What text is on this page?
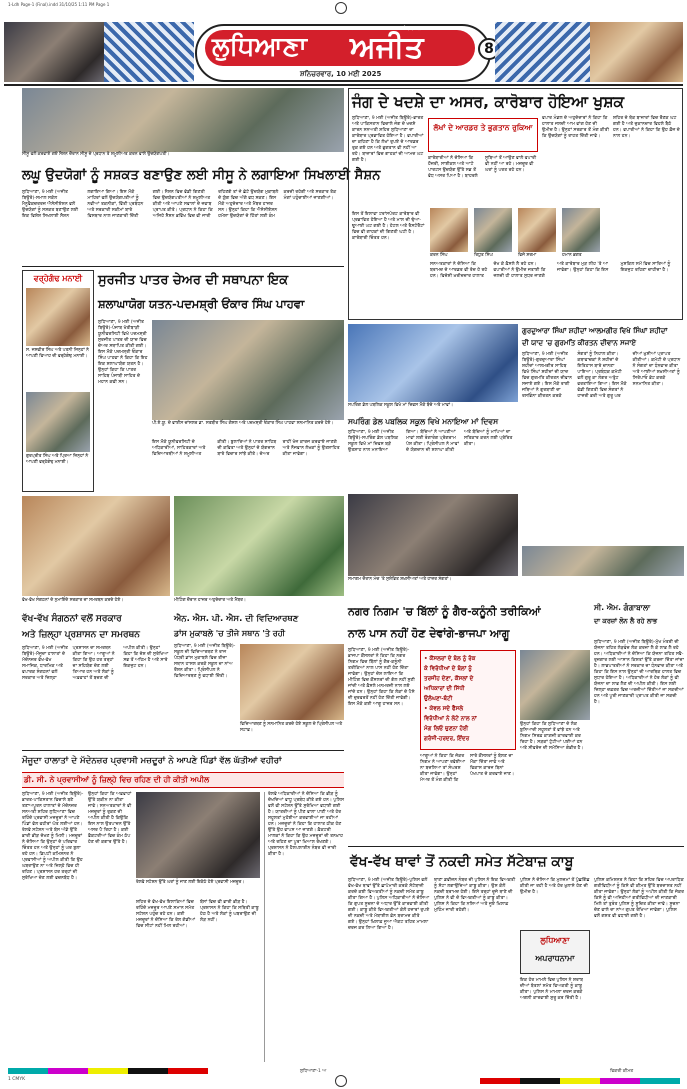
1-Ldh Page-1 (Final).indd 31/10/25 1:11 PM Page 1
ਲੁਧਿਆਣਾ ਅਜੀਤ
ਜਲੰਧਰ, ਸ਼ਨਿਚਰਵਾਰ
ਸ਼ਨਿਚਰਵਾਰ, 10 ਮਈ 2025
8
ਸੀਸੂ ਵਲੋਂ ਕਰਵਾਏ ਗਏ ਸੈਸ਼ਨ ਦੌਰਾਨ ਸੀਸੂ ਦੇ ਪ੍ਰਧਾਨ ਤੇ ਸ਼ਮੂਲੀਅਤ ਕਰਨ ਵਾਲੇ ਉਦਯੋਗਪਤੀ।
ਲਘੂ ਉਦਯੋਗਾਂ ਨੂੰ ਸਸ਼ਕਤ ਬਣਾਉਣ ਲਈ ਸੀਸੂ ਨੇ ਲਗਾਇਆ ਸਿਖਲਾਈ ਸੈਸ਼ਨ
ਲੁਧਿਆਣਾ, 9 ਮਈ (ਅਜੀਤ ਬਿਊਰੋ)-ਸਮਾਲ ਸਕੇਲ ਮੈਨੂਫੈਕਚਰਰਜ਼ ਐਸੋਸੀਏਸ਼ਨ ਵਲੋਂ ਉਦਯੋਗਾਂ ਨੂੰ ਸਸ਼ਕਤ ਬਣਾਉਣ ਲਈ ਇਕ ਵਿਸ਼ੇਸ਼ ਸਿਖਲਾਈ ਸੈਸ਼ਨ ਲਗਾਇਆ ਗਿਆ। ਇਸ ਮੌਕੇ ਮਾਹਿਰਾਂ ਵਲੋਂ ਉਦਯੋਗਪਤੀਆਂ ਨੂੰ ਨਵੀਆਂ ਤਕਨੀਕਾਂ, ਵਿੱਤੀ ਪ੍ਰਬੰਧਨ ਅਤੇ ਸਰਕਾਰੀ ਸਕੀਮਾਂ ਬਾਰੇ ਵਿਸਥਾਰ ਨਾਲ ਜਾਣਕਾਰੀ ਦਿੱਤੀ ਗਈ। ਸੈਸ਼ਨ ਵਿਚ ਵੱਡੀ ਗਿਣਤੀ ਵਿਚ ਉਦਯੋਗਪਤੀਆਂ ਨੇ ਸ਼ਮੂਲੀਅਤ ਕੀਤੀ ਅਤੇ ਆਪਣੇ ਸਵਾਲਾਂ ਦੇ ਜਵਾਬ ਪ੍ਰਾਪਤ ਕੀਤੇ। ਪ੍ਰਧਾਨ ਨੇ ਕਿਹਾ ਕਿ ਅਜਿਹੇ ਸੈਸ਼ਨ ਭਵਿੱਖ ਵਿਚ ਵੀ ਜਾਰੀ ਰਹਿਣਗੇ ਤਾਂ ਜੋ ਛੋਟੇ ਉਦਯੋਗ ਮੁਕਾਬਲੇ ਦੇ ਯੁੱਗ ਵਿਚ ਅੱਗੇ ਵਧ ਸਕਣ। ਇਸ ਮੌਕੇ ਅਹੁਦੇਦਾਰ ਅਤੇ ਮੈਂਬਰ ਹਾਜ਼ਰ ਸਨ। ਉਨ੍ਹਾਂ ਕਿਹਾ ਕਿ ਐਸੋਸੀਏਸ਼ਨ ਹਮੇਸ਼ਾ ਉਦਯੋਗਾਂ ਦੇ ਹਿੱਤਾਂ ਲਈ ਕੰਮ ਕਰਦੀ ਰਹੇਗੀ ਅਤੇ ਸਰਕਾਰ ਤੱਕ ਮੰਗਾਂ ਪਹੁੰਚਾਈਆਂ ਜਾਣਗੀਆਂ।
ਜੰਗ ਦੇ ਖਦਸ਼ੇ ਦਾ ਅਸਰ, ਕਾਰੋਬਾਰ ਹੋਇਆ ਖੁਸ਼ਕ
ਲੁਧਿਆਣਾ, 9 ਮਈ (ਅਜੀਤ ਬਿਊਰੋ)-ਭਾਰਤ ਅਤੇ ਪਾਕਿਸਤਾਨ ਵਿਚਾਲੇ ਜੰਗ ਦੇ ਖਦਸ਼ੇ ਕਾਰਨ ਸਨਅਤੀ ਸ਼ਹਿਰ ਲੁਧਿਆਣਾ ਦਾ ਕਾਰੋਬਾਰ ਪ੍ਰਭਾਵਿਤ ਹੋਇਆ ਹੈ। ਵਪਾਰੀਆਂ ਦਾ ਕਹਿਣਾ ਹੈ ਕਿ ਲੱਖਾਂ ਰੁਪਏ ਦੇ ਆਰਡਰ ਰੁਕ ਗਏ ਹਨ ਅਤੇ ਭੁਗਤਾਨ ਵੀ ਨਹੀਂ ਆ ਰਹੇ। ਬਾਜ਼ਾਰਾਂ ਵਿਚ ਗਾਹਕਾਂ ਦੀ ਆਮਦ ਘਟ ਗਈ ਹੈ।
ਲੱਖਾਂ ਦੇ ਆਰਡਰ ਤੇ ਭੁਗਤਾਨ ਰੁਕਿਆ
ਕਾਰੋਬਾਰੀਆਂ ਨੇ ਦੱਸਿਆ ਕਿ ਹੌਜ਼ਰੀ, ਸਾਈਕਲ ਅਤੇ ਆਟੋ ਪਾਰਟਸ ਉਦਯੋਗ ਉੱਤੇ ਸਭ ਤੋਂ ਵੱਧ ਅਸਰ ਪਿਆ ਹੈ। ਬਾਹਰਲੇ ਸੂਬਿਆਂ ਤੋਂ ਆਉਣ ਵਾਲੇ ਵਪਾਰੀ ਵੀ ਨਹੀਂ ਆ ਰਹੇ। ਮਜ਼ਦੂਰ ਵੀ ਘਰਾਂ ਨੂੰ ਪਰਤ ਰਹੇ ਹਨ।
ਵਪਾਰ ਮੰਡਲ ਦੇ ਅਹੁਦੇਦਾਰਾਂ ਨੇ ਕਿਹਾ ਕਿ ਹਾਲਾਤ ਜਲਦੀ ਆਮ ਵਾਂਗ ਹੋਣ ਦੀ ਉਮੀਦ ਹੈ। ਉਨ੍ਹਾਂ ਸਰਕਾਰ ਤੋਂ ਮੰਗ ਕੀਤੀ ਕਿ ਉਦਯੋਗਾਂ ਨੂੰ ਰਾਹਤ ਦਿੱਤੀ ਜਾਵੇ। ਸ਼ਹਿਰ ਦੇ ਥੋਕ ਬਾਜ਼ਾਰਾਂ ਵਿਚ ਰੌਣਕ ਘਟ ਗਈ ਹੈ ਅਤੇ ਦੁਕਾਨਦਾਰ ਵਿਹਲੇ ਬੈਠੇ ਹਨ। ਵਪਾਰੀਆਂ ਨੇ ਕਿਹਾ ਕਿ ਉਹ ਫ਼ੌਜ ਦੇ ਨਾਲ ਹਨ।
ਕਰਨ ਸਿੰਘ	ਰਿਧੁਤ ਸਿੰਘ	ਵਿਜੇ ਸ਼ਰਮਾ	ਹਮਾਨ ਭਗਤ
ਇਸ ਤੋਂ ਇਲਾਵਾ ਟਰਾਂਸਪੋਰਟ ਕਾਰੋਬਾਰ ਵੀ ਪ੍ਰਭਾਵਿਤ ਹੋਇਆ ਹੈ ਅਤੇ ਮਾਲ ਦੀ ਢੋਆ-ਢੁਆਈ ਘਟ ਗਈ ਹੈ। ਹੋਟਲ ਅਤੇ ਰੈਸਟੋਰੈਂਟਾਂ ਵਿਚ ਵੀ ਗਾਹਕਾਂ ਦੀ ਗਿਣਤੀ ਘਟੀ ਹੈ। ਕਾਰੋਬਾਰੀ ਚਿੰਤਤ ਹਨ।
ਸਨਅਤਕਾਰਾਂ ਨੇ ਦੱਸਿਆ ਕਿ ਬਰਾਮਦ ਦੇ ਆਰਡਰ ਵੀ ਰੱਦ ਹੋ ਰਹੇ ਹਨ। ਵਿਦੇਸ਼ੀ ਖ਼ਰੀਦਦਾਰ ਹਾਲਾਤ ਦੇਖ ਕੇ ਫ਼ੈਸਲੇ ਲੈ ਰਹੇ ਹਨ। ਵਪਾਰੀਆਂ ਨੇ ਉਮੀਦ ਜਤਾਈ ਕਿ ਜਲਦੀ ਹੀ ਹਾਲਾਤ ਸੁਧਰ ਜਾਣਗੇ ਅਤੇ ਕਾਰੋਬਾਰ ਮੁੜ ਲੀਹ 'ਤੇ ਆ ਜਾਵੇਗਾ। ਉਨ੍ਹਾਂ ਕਿਹਾ ਕਿ ਇਸ ਮੁਸ਼ਕਿਲ ਸਮੇਂ ਵਿਚ ਸਾਰਿਆਂ ਨੂੰ ਇਕਜੁਟ ਰਹਿਣਾ ਚਾਹੀਦਾ ਹੈ।
ਵਰ੍ਹੇਗੰਢ ਮਨਾਈ
ਸ. ਜਸਵੀਰ ਸਿੰਘ ਅਤੇ ਪਤਨੀ ਜਿਨ੍ਹਾਂ ਨੇ ਆਪਣੀ ਵਿਆਹ ਦੀ ਵਰ੍ਹੇਗੰਢ ਮਨਾਈ।
ਗੁਰਪ੍ਰੀਤ ਸਿੰਘ ਅਤੇ ਪ੍ਰਿਆ ਜਿਨ੍ਹਾਂ ਨੇ ਆਪਣੀ ਵਰ੍ਹੇਗੰਢ ਮਨਾਈ।
ਸੁਰਜੀਤ ਪਾਤਰ ਚੇਅਰ ਦੀ ਸਥਾਪਨਾ ਇਕ
ਸ਼ਲਾਘਾਯੋਗ ਯਤਨ-ਪਦਮਸ਼੍ਰੀ ਓਂਕਾਰ ਸਿੰਘ ਪਾਹਵਾ
ਲੁਧਿਆਣਾ, 9 ਮਈ (ਅਜੀਤ ਬਿਊਰੋ)-ਪੰਜਾਬ ਖੇਤੀਬਾੜੀ ਯੂਨੀਵਰਸਿਟੀ ਵਿਖੇ ਪਦਮਸ਼੍ਰੀ ਸੁਰਜੀਤ ਪਾਤਰ ਦੀ ਯਾਦ ਵਿਚ ਚੇਅਰ ਸਥਾਪਿਤ ਕੀਤੀ ਗਈ। ਇਸ ਮੌਕੇ ਪਦਮਸ਼੍ਰੀ ਓਂਕਾਰ ਸਿੰਘ ਪਾਹਵਾ ਨੇ ਕਿਹਾ ਕਿ ਇਹ ਇਕ ਸ਼ਲਾਘਾਯੋਗ ਯਤਨ ਹੈ। ਉਨ੍ਹਾਂ ਕਿਹਾ ਕਿ ਪਾਤਰ ਸਾਹਿਬ ਪੰਜਾਬੀ ਸਾਹਿਤ ਦੇ ਮਹਾਨ ਕਵੀ ਸਨ।
ਪੀ.ਏ.ਯੂ. ਦੇ ਵਾਈਸ ਚਾਂਸਲਰ ਡਾ. ਸਤਬੀਰ ਸਿੰਘ ਗੋਸਲ ਅਤੇ ਪਦਮਸ਼੍ਰੀ ਓਂਕਾਰ ਸਿੰਘ ਪਾਹਵਾ ਸਨਮਾਨਿਤ ਕਰਦੇ ਹੋਏ।
ਇਸ ਮੌਕੇ ਯੂਨੀਵਰਸਿਟੀ ਦੇ ਅਧਿਕਾਰੀਆਂ, ਸਾਹਿਤਕਾਰਾਂ ਅਤੇ ਵਿਦਿਆਰਥੀਆਂ ਨੇ ਸ਼ਮੂਲੀਅਤ ਕੀਤੀ। ਬੁਲਾਰਿਆਂ ਨੇ ਪਾਤਰ ਸਾਹਿਬ ਦੀ ਕਵਿਤਾ ਅਤੇ ਉਨ੍ਹਾਂ ਦੇ ਯੋਗਦਾਨ ਬਾਰੇ ਵਿਚਾਰ ਸਾਂਝੇ ਕੀਤੇ। ਚੇਅਰ ਰਾਹੀਂ ਖੋਜ ਕਾਰਜ ਕਰਵਾਏ ਜਾਣਗੇ ਅਤੇ ਨੌਜਵਾਨ ਲੇਖਕਾਂ ਨੂੰ ਉਤਸ਼ਾਹਿਤ ਕੀਤਾ ਜਾਵੇਗਾ।
ਸਪਰਿੰਗ ਡੇਲ ਪਬਲਿਕ ਸਕੂਲ ਵਿਖੇ ਮਾਂ ਦਿਵਸ ਮੌਕੇ ਬੱਚੇ ਅਤੇ ਮਾਵਾਂ।
ਗੁਰਦੁਆਰਾ ਸਿੰਘਾਂ ਸ਼ਹੀਦਾਂ ਆਲਮਗੀਰ ਵਿਖੇ ਸਿੰਘਾਂ ਸ਼ਹੀਦਾਂ
ਦੀ ਯਾਦ 'ਚ ਗੁਰਮਤਿ ਕੀਰਤਨ ਦੀਵਾਨ ਸਜਾਏ
ਸਪਰਿੰਗ ਡੇਲ ਪਬਲਿਕ ਸਕੂਲ ਵਿਖੇ ਮਨਾਇਆ ਮਾਂ ਦਿਵਸ
ਲੁਧਿਆਣਾ, 9 ਮਈ (ਅਜੀਤ ਬਿਊਰੋ)-ਸਪਰਿੰਗ ਡੇਲ ਪਬਲਿਕ ਸਕੂਲ ਵਿਖੇ ਮਾਂ ਦਿਵਸ ਬੜੇ ਉਤਸ਼ਾਹ ਨਾਲ ਮਨਾਇਆ ਗਿਆ। ਬੱਚਿਆਂ ਨੇ ਆਪਣੀਆਂ ਮਾਵਾਂ ਲਈ ਰੰਗਾਰੰਗ ਪ੍ਰੋਗਰਾਮ ਪੇਸ਼ ਕੀਤਾ। ਪ੍ਰਿੰਸੀਪਲ ਨੇ ਮਾਵਾਂ ਦੇ ਯੋਗਦਾਨ ਦੀ ਸ਼ਲਾਘਾ ਕੀਤੀ ਅਤੇ ਬੱਚਿਆਂ ਨੂੰ ਮਾਪਿਆਂ ਦਾ ਸਤਿਕਾਰ ਕਰਨ ਲਈ ਪ੍ਰੇਰਿਤ ਕੀਤਾ।
ਲੁਧਿਆਣਾ, 9 ਮਈ (ਅਜੀਤ ਬਿਊਰੋ)-ਗੁਰਦੁਆਰਾ ਸਿੰਘਾਂ ਸ਼ਹੀਦਾਂ ਆਲਮਗੀਰ ਸਾਹਿਬ ਵਿਖੇ ਸਿੰਘਾਂ ਸ਼ਹੀਦਾਂ ਦੀ ਯਾਦ ਵਿਚ ਗੁਰਮਤਿ ਕੀਰਤਨ ਦੀਵਾਨ ਸਜਾਏ ਗਏ। ਇਸ ਮੌਕੇ ਰਾਗੀ ਜਥਿਆਂ ਨੇ ਗੁਰਬਾਣੀ ਦਾ ਰਸਭਿੰਨਾ ਕੀਰਤਨ ਕਰਕੇ ਸੰਗਤਾਂ ਨੂੰ ਨਿਹਾਲ ਕੀਤਾ। ਕਥਾਵਾਚਕਾਂ ਨੇ ਸ਼ਹੀਦਾਂ ਦੇ ਇਤਿਹਾਸ ਬਾਰੇ ਚਾਨਣਾ ਪਾਇਆ। ਪ੍ਰਬੰਧਕ ਕਮੇਟੀ ਵਲੋਂ ਗੁਰੂ ਕਾ ਲੰਗਰ ਅਤੁੱਟ ਵਰਤਾਇਆ ਗਿਆ। ਇਸ ਮੌਕੇ ਵੱਡੀ ਗਿਣਤੀ ਵਿਚ ਸੰਗਤਾਂ ਨੇ ਹਾਜ਼ਰੀ ਭਰੀ ਅਤੇ ਗੁਰੂ ਘਰ ਦੀਆਂ ਖ਼ੁਸ਼ੀਆਂ ਪ੍ਰਾਪਤ ਕੀਤੀਆਂ। ਕਮੇਟੀ ਦੇ ਪ੍ਰਧਾਨ ਨੇ ਸੰਗਤਾਂ ਦਾ ਧੰਨਵਾਦ ਕੀਤਾ ਅਤੇ ਆਈਆਂ ਸ਼ਖ਼ਸੀਅਤਾਂ ਨੂੰ ਸਿਰੋਪਾਓ ਭੇਟ ਕਰਕੇ ਸਨਮਾਨਿਤ ਕੀਤਾ।
ਵੱਖ-ਵੱਖ ਸੰਗਠਨਾਂ ਦੇ ਨੁਮਾਇੰਦੇ ਸਰਕਾਰ ਦਾ ਸਮਰਥਨ ਕਰਦੇ ਹੋਏ।	ਮੀਟਿੰਗ ਦੌਰਾਨ ਹਾਜ਼ਰ ਅਹੁਦੇਦਾਰ ਅਤੇ ਮੈਂਬਰ।
ਸਮਾਗਮ ਦੌਰਾਨ ਮੰਚ 'ਤੇ ਸੁਸ਼ੋਭਿਤ ਸ਼ਖ਼ਸੀਅਤਾਂ ਅਤੇ ਹਾਜ਼ਰ ਸੰਗਤਾਂ।
ਵੱਖ-ਵੱਖ ਸੰਗਠਨਾਂ ਵਲੋਂ ਸਰਕਾਰ
ਅਤੇ ਜ਼ਿਲ੍ਹਾ ਪ੍ਰਸ਼ਾਸਨ ਦਾ ਸਮਰਥਨ
ਲੁਧਿਆਣਾ, 9 ਮਈ (ਅਜੀਤ ਬਿਊਰੋ)-ਮੌਜੂਦਾ ਹਾਲਾਤਾਂ ਦੇ ਮੱਦੇਨਜ਼ਰ ਵੱਖ-ਵੱਖ ਸਮਾਜਿਕ, ਧਾਰਮਿਕ ਅਤੇ ਵਪਾਰਕ ਸੰਗਠਨਾਂ ਵਲੋਂ ਸਰਕਾਰ ਅਤੇ ਜ਼ਿਲ੍ਹਾ ਪ੍ਰਸ਼ਾਸਨ ਦਾ ਸਮਰਥਨ ਕੀਤਾ ਗਿਆ। ਆਗੂਆਂ ਨੇ ਕਿਹਾ ਕਿ ਉਹ ਹਰ ਤਰ੍ਹਾਂ ਦਾ ਸਹਿਯੋਗ ਦੇਣ ਲਈ ਤਿਆਰ ਹਨ ਅਤੇ ਲੋਕਾਂ ਨੂੰ ਅਫ਼ਵਾਹਾਂ ਤੋਂ ਬਚਣ ਦੀ ਅਪੀਲ ਕੀਤੀ। ਉਨ੍ਹਾਂ ਕਿਹਾ ਕਿ ਦੇਸ਼ ਦੀ ਸੁਰੱਖਿਆ ਸਭ ਤੋਂ ਅਹਿਮ ਹੈ ਅਤੇ ਸਾਰੇ ਇਕਜੁਟ ਹਨ।
ਐਨ. ਐਸ. ਪੀ. ਐਸ. ਦੀ ਵਿਦਿਆਰਥਣ
ਡਾਂਸ ਮੁਕਾਬਲੇ 'ਚ ਤੀਜੇ ਸਥਾਨ 'ਤੇ ਰਹੀ
ਲੁਧਿਆਣਾ, 9 ਮਈ (ਅਜੀਤ ਬਿਊਰੋ)-ਸਕੂਲ ਦੀ ਵਿਦਿਆਰਥਣ ਨੇ ਰਾਜ ਪੱਧਰੀ ਡਾਂਸ ਮੁਕਾਬਲੇ ਵਿਚ ਤੀਜਾ ਸਥਾਨ ਹਾਸਲ ਕਰਕੇ ਸਕੂਲ ਦਾ ਨਾਂਅ ਰੌਸ਼ਨ ਕੀਤਾ। ਪ੍ਰਿੰਸੀਪਲ ਨੇ ਵਿਦਿਆਰਥਣ ਨੂੰ ਵਧਾਈ ਦਿੱਤੀ।
ਵਿਦਿਆਰਥਣ ਨੂੰ ਸਨਮਾਨਿਤ ਕਰਦੇ ਹੋਏ ਸਕੂਲ ਦੇ ਪ੍ਰਿੰਸੀਪਲ ਅਤੇ ਸਟਾਫ਼।
ਨਗਰ ਨਿਗਮ 'ਚ ਬਿੱਲਾਂ ਨੂੰ ਗੈਰ-ਕਨੂੰਨੀ ਤਰੀਕਿਆਂ
ਨਾਲ ਪਾਸ ਨਹੀਂ ਹੋਣ ਦੇਵਾਂਗੇ-ਭਾਜਪਾ ਆਗੂ
ਲੁਧਿਆਣਾ, 9 ਮਈ (ਅਜੀਤ ਬਿਊਰੋ)-ਭਾਜਪਾ ਕੌਂਸਲਰਾਂ ਨੇ ਕਿਹਾ ਕਿ ਨਗਰ ਨਿਗਮ ਵਿਚ ਬਿੱਲਾਂ ਨੂੰ ਗੈਰ-ਕਨੂੰਨੀ ਤਰੀਕਿਆਂ ਨਾਲ ਪਾਸ ਨਹੀਂ ਹੋਣ ਦਿੱਤਾ ਜਾਵੇਗਾ। ਉਨ੍ਹਾਂ ਦੋਸ਼ ਲਾਇਆ ਕਿ ਮੀਟਿੰਗ ਵਿਚ ਕੌਂਸਲਰਾਂ ਦੀ ਗੱਲ ਨਹੀਂ ਸੁਣੀ ਜਾਂਦੀ ਅਤੇ ਫ਼ੈਸਲੇ ਮਨਮਰਜ਼ੀ ਨਾਲ ਲਏ ਜਾਂਦੇ ਹਨ। ਉਨ੍ਹਾਂ ਕਿਹਾ ਕਿ ਲੋਕਾਂ ਦੇ ਪੈਸੇ ਦੀ ਦੁਰਵਰਤੋਂ ਨਹੀਂ ਹੋਣ ਦਿੱਤੀ ਜਾਵੇਗੀ। ਇਸ ਮੌਕੇ ਕਈ ਆਗੂ ਹਾਜ਼ਰ ਸਨ।
• ਕੌਂਸਲਰਾਂ ਦੇ ਬੋਲ ਨੂੰ ਰੋਕ
ਕੇ ਵਿਰੋਧੀਆਂ ਦੇ ਬੋਲਾਂ ਨੂੰ
ਤਰਜੀਹ ਦੇਣਾ, ਕੌਂਸਲਾਂ ਦੇ
ਅਧਿਕਾਰਾਂ ਦੀ ਸਿੱਧੀ
ਉਲੰਘਣਾ-ਬੰਟੀ
• ਕੇਵਲ ਸਦੇ ਫੈਸਲੇ
ਵਿਰੋਧੀਆਂ ਨੇ ਲੋਟੇ ਨਾਲ ਨਾਂ
ਮੰਗ ਲਿਓ ਚੁਣਨਾ ਹੋਈ
ਗਰੰਜੀ-ਹਰਦਰ, ਇੰਦਰ
ਆਗੂਆਂ ਨੇ ਕਿਹਾ ਕਿ ਜੇਕਰ ਨਿਗਮ ਨੇ ਆਪਣਾ ਰਵੱਈਆ ਨਾ ਬਦਲਿਆ ਤਾਂ ਸੰਘਰਸ਼ ਕੀਤਾ ਜਾਵੇਗਾ। ਉਨ੍ਹਾਂ ਮੇਅਰ ਤੋਂ ਮੰਗ ਕੀਤੀ ਕਿ ਸਾਰੇ ਕੌਂਸਲਰਾਂ ਨੂੰ ਬੋਲਣ ਦਾ ਮੌਕਾ ਦਿੱਤਾ ਜਾਵੇ ਅਤੇ ਵਿਕਾਸ ਕਾਰਜ ਬਿਨਾਂ ਪੱਖਪਾਤ ਦੇ ਕਰਵਾਏ ਜਾਣ।
ਉਨ੍ਹਾਂ ਕਿਹਾ ਕਿ ਲੁਧਿਆਣਾ ਦੇ ਲੋਕ ਬੁਨਿਆਦੀ ਸਹੂਲਤਾਂ ਤੋਂ ਵਾਂਝੇ ਹਨ ਅਤੇ ਨਿਗਮ ਸਿਰਫ਼ ਕਾਗ਼ਜ਼ੀ ਕਾਰਵਾਈ ਕਰ ਰਿਹਾ ਹੈ। ਸੜਕਾਂ ਟੁੱਟੀਆਂ ਪਈਆਂ ਹਨ ਅਤੇ ਸੀਵਰੇਜ ਦੀ ਸਮੱਸਿਆ ਗੰਭੀਰ ਹੈ।
ਸੀ. ਐਮ. ਗੰਗਾਬਾਲਾ
ਦਾ ਕਰਜ਼ਾਂ ਲੋਨ ਲੈ ਰਹੇ ਲਾਭ
ਲੁਧਿਆਣਾ, 9 ਮਈ (ਅਜੀਤ ਬਿਊਰੋ)-ਮੁੱਖ ਮੰਤਰੀ ਦੀ ਯੋਜਨਾ ਤਹਿਤ ਲੋੜਵੰਦ ਲੋਕ ਕਰਜ਼ਾ ਲੈ ਕੇ ਲਾਭ ਲੈ ਰਹੇ ਹਨ। ਅਧਿਕਾਰੀਆਂ ਨੇ ਦੱਸਿਆ ਕਿ ਯੋਜਨਾ ਤਹਿਤ ਸਵੈ-ਰੁਜ਼ਗਾਰ ਲਈ ਆਸਾਨ ਕਿਸ਼ਤਾਂ ਉੱਤੇ ਕਰਜ਼ਾ ਦਿੱਤਾ ਜਾਂਦਾ ਹੈ। ਲਾਭਪਾਤਰੀਆਂ ਨੇ ਸਰਕਾਰ ਦਾ ਧੰਨਵਾਦ ਕੀਤਾ ਅਤੇ ਕਿਹਾ ਕਿ ਇਸ ਨਾਲ ਉਨ੍ਹਾਂ ਦੀ ਆਰਥਿਕ ਹਾਲਤ ਵਿਚ ਸੁਧਾਰ ਹੋਇਆ ਹੈ। ਅਧਿਕਾਰੀਆਂ ਨੇ ਹੋਰ ਲੋਕਾਂ ਨੂੰ ਵੀ ਯੋਜਨਾ ਦਾ ਲਾਭ ਲੈਣ ਦੀ ਅਪੀਲ ਕੀਤੀ। ਇਸ ਲਈ ਜ਼ਿਲ੍ਹਾ ਦਫ਼ਤਰ ਵਿਚ ਅਰਜ਼ੀਆਂ ਦਿੱਤੀਆਂ ਜਾ ਸਕਦੀਆਂ ਹਨ ਅਤੇ ਪੂਰੀ ਜਾਣਕਾਰੀ ਪ੍ਰਾਪਤ ਕੀਤੀ ਜਾ ਸਕਦੀ ਹੈ।
ਮੌਜੂਦਾ ਹਾਲਾਤਾਂ ਦੇ ਮੱਦੇਨਜ਼ਰ ਪ੍ਰਵਾਸੀ ਮਜ਼ਦੂਰਾਂ ਨੇ ਆਪਣੇ ਪਿੰਡਾਂ ਵੱਲ ਘੱਤੀਆਂ ਵਹੀਰਾਂ
ਡੀ. ਸੀ. ਨੇ ਪ੍ਰਵਾਸੀਆਂ ਨੂੰ ਜ਼ਿਲ੍ਹੇ ਵਿਚ ਰਹਿਣ ਦੀ ਹੀ ਕੀਤੀ ਅਪੀਲ
ਲੁਧਿਆਣਾ, 9 ਮਈ (ਅਜੀਤ ਬਿਊਰੋ)-ਭਾਰਤ-ਪਾਕਿਸਤਾਨ ਵਿਚਾਲੇ ਬਣੇ ਤਣਾਅਪੂਰਨ ਹਾਲਾਤਾਂ ਦੇ ਮੱਦੇਨਜ਼ਰ ਸਨਅਤੀ ਸ਼ਹਿਰ ਲੁਧਿਆਣਾ ਵਿਚ ਰਹਿੰਦੇ ਪ੍ਰਵਾਸੀ ਮਜ਼ਦੂਰਾਂ ਨੇ ਆਪਣੇ ਪਿੰਡਾਂ ਵੱਲ ਵਹੀਰਾਂ ਘੱਤ ਲਈਆਂ ਹਨ। ਰੇਲਵੇ ਸਟੇਸ਼ਨ ਅਤੇ ਬੱਸ ਅੱਡੇ ਉੱਤੇ ਭਾਰੀ ਭੀੜ ਦੇਖਣ ਨੂੰ ਮਿਲੀ। ਮਜ਼ਦੂਰਾਂ ਨੇ ਦੱਸਿਆ ਕਿ ਉਨ੍ਹਾਂ ਦੇ ਪਰਿਵਾਰ ਚਿੰਤਤ ਹਨ ਅਤੇ ਉਨ੍ਹਾਂ ਨੂੰ ਘਰ ਬੁਲਾ ਰਹੇ ਹਨ। ਡਿਪਟੀ ਕਮਿਸ਼ਨਰ ਨੇ ਪ੍ਰਵਾਸੀਆਂ ਨੂੰ ਅਪੀਲ ਕੀਤੀ ਕਿ ਉਹ ਘਬਰਾਉਣ ਨਾ ਅਤੇ ਜ਼ਿਲ੍ਹੇ ਵਿਚ ਹੀ ਰਹਿਣ। ਪ੍ਰਸ਼ਾਸਨ ਹਰ ਤਰ੍ਹਾਂ ਦੀ ਸੁਰੱਖਿਆ ਦੇਣ ਲਈ ਵਚਨਬੱਧ ਹੈ।
ਉਨ੍ਹਾਂ ਕਿਹਾ ਕਿ ਅਫ਼ਵਾਹਾਂ ਉੱਤੇ ਯਕੀਨ ਨਾ ਕੀਤਾ ਜਾਵੇ। ਸਨਅਤਕਾਰਾਂ ਨੇ ਵੀ ਮਜ਼ਦੂਰਾਂ ਨੂੰ ਰੁਕਣ ਦੀ ਅਪੀਲ ਕੀਤੀ ਹੈ ਕਿਉਂਕਿ ਇਸ ਨਾਲ ਉਤਪਾਦਨ ਉੱਤੇ ਅਸਰ ਪੈ ਰਿਹਾ ਹੈ। ਕਈ ਫ਼ੈਕਟਰੀਆਂ ਵਿਚ ਕੰਮ ਠੱਪ ਹੋਣ ਦੀ ਕਗਾਰ ਉੱਤੇ ਹੈ।
ਰੇਲਵੇ ਅਧਿਕਾਰੀਆਂ ਨੇ ਦੱਸਿਆ ਕਿ ਭੀੜ ਨੂੰ ਦੇਖਦਿਆਂ ਵਾਧੂ ਪ੍ਰਬੰਧ ਕੀਤੇ ਗਏ ਹਨ। ਪੁਲਿਸ ਵਲੋਂ ਵੀ ਸਟੇਸ਼ਨ ਉੱਤੇ ਸੁਰੱਖਿਆ ਵਧਾਈ ਗਈ ਹੈ। ਯਾਤਰੀਆਂ ਨੂੰ ਪੀਣ ਵਾਲਾ ਪਾਣੀ ਅਤੇ ਹੋਰ ਸਹੂਲਤਾਂ ਮੁਹੱਈਆ ਕਰਵਾਈਆਂ ਜਾ ਰਹੀਆਂ ਹਨ। ਮਜ਼ਦੂਰਾਂ ਨੇ ਕਿਹਾ ਕਿ ਹਾਲਾਤ ਠੀਕ ਹੋਣ ਉੱਤੇ ਉਹ ਵਾਪਸ ਆ ਜਾਣਗੇ। ਫ਼ੈਕਟਰੀ ਮਾਲਕਾਂ ਨੇ ਕਿਹਾ ਕਿ ਉਹ ਮਜ਼ਦੂਰਾਂ ਦੀ ਤਨਖ਼ਾਹ ਅਤੇ ਰਹਿਣ ਦਾ ਪੂਰਾ ਖ਼ਿਆਲ ਰੱਖਣਗੇ। ਪ੍ਰਸ਼ਾਸਨ ਨੇ ਹੈਲਪਲਾਈਨ ਨੰਬਰ ਵੀ ਜਾਰੀ ਕੀਤਾ ਹੈ।
ਰੇਲਵੇ ਸਟੇਸ਼ਨ ਉੱਤੇ ਘਰਾਂ ਨੂੰ ਜਾਣ ਲਈ ਇਕੱਠੇ ਹੋਏ ਪ੍ਰਵਾਸੀ ਮਜ਼ਦੂਰ।
ਸ਼ਹਿਰ ਦੇ ਵੱਖ-ਵੱਖ ਇਲਾਕਿਆਂ ਵਿਚ ਰਹਿੰਦੇ ਮਜ਼ਦੂਰ ਆਪਣੇ ਸਮਾਨ ਸਮੇਤ ਸਟੇਸ਼ਨ ਪਹੁੰਚ ਰਹੇ ਹਨ। ਕਈ ਮਜ਼ਦੂਰਾਂ ਨੇ ਦੱਸਿਆ ਕਿ ਰੇਲ ਗੱਡੀਆਂ ਵਿਚ ਸੀਟਾਂ ਨਹੀਂ ਮਿਲ ਰਹੀਆਂ। ਬੱਸਾਂ ਵਿਚ ਵੀ ਭਾਰੀ ਭੀੜ ਹੈ। ਪ੍ਰਸ਼ਾਸਨ ਨੇ ਕਿਹਾ ਕਿ ਸਥਿਤੀ ਕਾਬੂ ਹੇਠ ਹੈ ਅਤੇ ਲੋਕਾਂ ਨੂੰ ਘਬਰਾਉਣ ਦੀ ਲੋੜ ਨਹੀਂ।
ਵੱਖ-ਵੱਖ ਥਾਵਾਂ ਤੋਂ ਨਕਦੀ ਸਮੇਤ ਸੱਟੇਬਾਜ਼ ਕਾਬੂ
ਲੁਧਿਆਣਾ, 9 ਮਈ (ਅਜੀਤ ਬਿਊਰੋ)-ਪੁਲਿਸ ਵਲੋਂ ਵੱਖ-ਵੱਖ ਥਾਵਾਂ ਉੱਤੇ ਛਾਪੇਮਾਰੀ ਕਰਕੇ ਸੱਟੇਬਾਜ਼ੀ ਕਰਦੇ ਕਈ ਵਿਅਕਤੀਆਂ ਨੂੰ ਨਕਦੀ ਸਮੇਤ ਕਾਬੂ ਕੀਤਾ ਗਿਆ ਹੈ। ਪੁਲਿਸ ਅਧਿਕਾਰੀਆਂ ਨੇ ਦੱਸਿਆ ਕਿ ਗੁਪਤ ਸੂਚਨਾ ਦੇ ਅਧਾਰ ਉੱਤੇ ਕਾਰਵਾਈ ਕੀਤੀ ਗਈ। ਕਾਬੂ ਕੀਤੇ ਵਿਅਕਤੀਆਂ ਕੋਲੋਂ ਹਜ਼ਾਰਾਂ ਰੁਪਏ ਦੀ ਨਕਦੀ ਅਤੇ ਮੋਬਾਈਲ ਫ਼ੋਨ ਬਰਾਮਦ ਕੀਤੇ ਗਏ। ਉਨ੍ਹਾਂ ਖ਼ਿਲਾਫ਼ ਜੂਆ ਐਕਟ ਤਹਿਤ ਮਾਮਲਾ ਦਰਜ ਕਰ ਲਿਆ ਗਿਆ ਹੈ।
ਥਾਣਾ ਡਵੀਜ਼ਨ ਨੰਬਰ ਦੀ ਪੁਲਿਸ ਨੇ ਇਕ ਵਿਅਕਤੀ ਨੂੰ ਸੱਟਾ ਲਗਾਉਂਦਿਆਂ ਕਾਬੂ ਕੀਤਾ। ਉਸ ਕੋਲੋਂ ਨਕਦੀ ਬਰਾਮਦ ਹੋਈ। ਇਸੇ ਤਰ੍ਹਾਂ ਦੂਜੇ ਥਾਣੇ ਦੀ ਪੁਲਿਸ ਨੇ ਵੀ ਦੋ ਵਿਅਕਤੀਆਂ ਨੂੰ ਕਾਬੂ ਕੀਤਾ। ਪੁਲਿਸ ਨੇ ਕਿਹਾ ਕਿ ਨਸ਼ਿਆਂ ਅਤੇ ਜੂਏ ਖ਼ਿਲਾਫ਼ ਮੁਹਿੰਮ ਜਾਰੀ ਰਹੇਗੀ।
ਲੁਧਿਆਣਾ
ਅਪਰਾਧਨਾਮਾ
ਪੁਲਿਸ ਨੇ ਦੱਸਿਆ ਕਿ ਮੁਲਜ਼ਮਾਂ ਤੋਂ ਪੁੱਛਗਿੱਛ ਕੀਤੀ ਜਾ ਰਹੀ ਹੈ ਅਤੇ ਹੋਰ ਖ਼ੁਲਾਸੇ ਹੋਣ ਦੀ ਉਮੀਦ ਹੈ।
ਇਕ ਹੋਰ ਮਾਮਲੇ ਵਿਚ ਪੁਲਿਸ ਨੇ ਸ਼ਰਾਬ ਦੀਆਂ ਬੋਤਲਾਂ ਸਮੇਤ ਵਿਅਕਤੀ ਨੂੰ ਕਾਬੂ ਕੀਤਾ। ਪੁਲਿਸ ਨੇ ਮਾਮਲਾ ਦਰਜ ਕਰਕੇ ਅਗਲੀ ਕਾਰਵਾਈ ਸ਼ੁਰੂ ਕਰ ਦਿੱਤੀ ਹੈ।
ਪੁਲਿਸ ਕਮਿਸ਼ਨਰ ਨੇ ਕਿਹਾ ਕਿ ਸ਼ਹਿਰ ਵਿਚ ਅਪਰਾਧਿਕ ਗਤੀਵਿਧੀਆਂ ਨੂੰ ਕਿਸੇ ਵੀ ਕੀਮਤ ਉੱਤੇ ਬਰਦਾਸ਼ਤ ਨਹੀਂ ਕੀਤਾ ਜਾਵੇਗਾ। ਉਨ੍ਹਾਂ ਲੋਕਾਂ ਨੂੰ ਅਪੀਲ ਕੀਤੀ ਕਿ ਜੇਕਰ ਕਿਸੇ ਨੂੰ ਵੀ ਅਜਿਹੀਆਂ ਗਤੀਵਿਧੀਆਂ ਦੀ ਜਾਣਕਾਰੀ ਮਿਲੇ ਤਾਂ ਤੁਰੰਤ ਪੁਲਿਸ ਨੂੰ ਸੂਚਿਤ ਕੀਤਾ ਜਾਵੇ। ਸੂਚਨਾ ਦੇਣ ਵਾਲੇ ਦਾ ਨਾਂਅ ਗੁਪਤ ਰੱਖਿਆ ਜਾਵੇਗਾ। ਪੁਲਿਸ ਵਲੋਂ ਗਸ਼ਤ ਵੀ ਵਧਾਈ ਗਈ ਹੈ।
1 CMYK
ਲੁਧਿਆਣਾ-1 ਅ	ਵਿਕਰੀ ਕੀਮਤ
